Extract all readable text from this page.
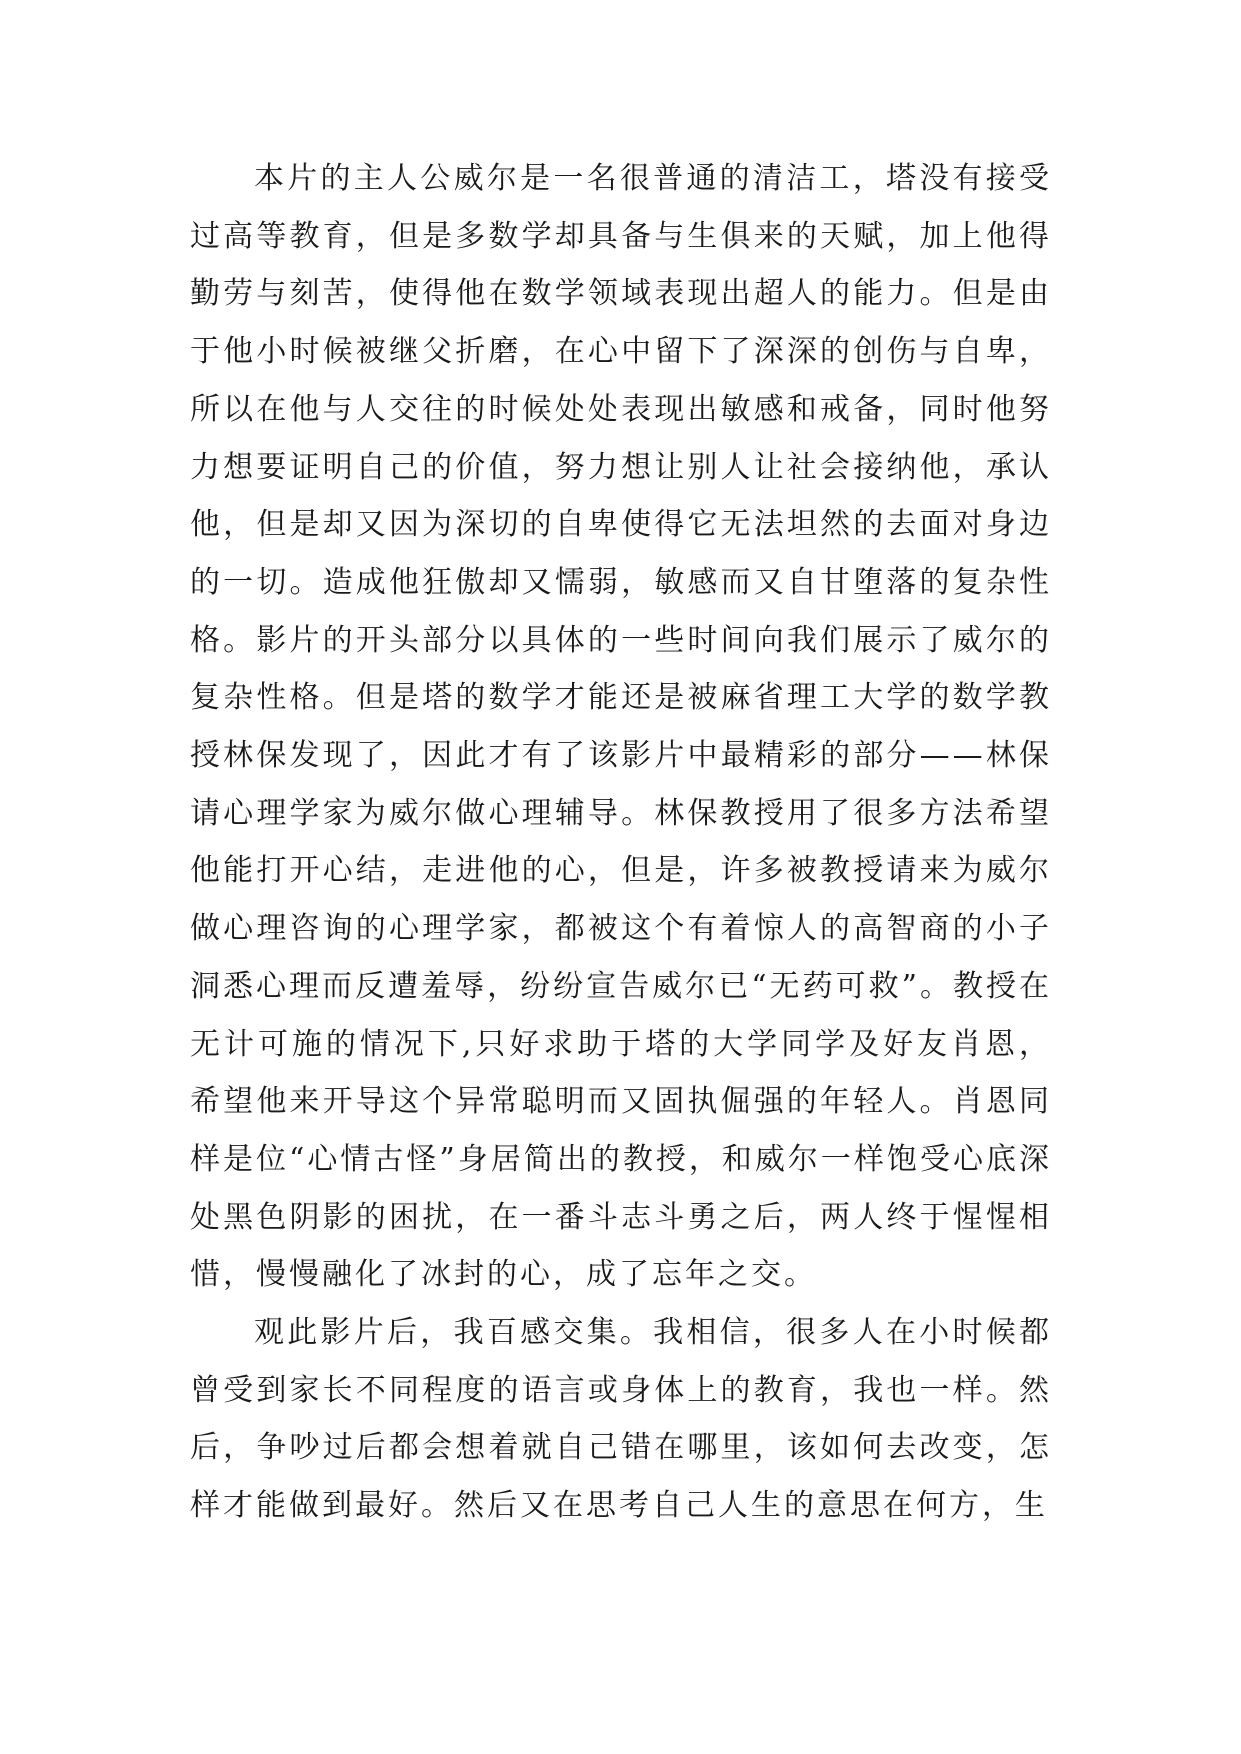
本片的主人公威尔是一名很普通的清洁工，塔没有接受过高等教育，但是多数学却具备与生俱来的天赋，加上他得勤劳与刻苦，使得他在数学领域表现出超人的能力。但是由于他小时候被继父折磨，在心中留下了深深的创伤与自卑，所以在他与人交往的时候处处表现出敏感和戒备，同时他努力想要证明自己的价值，努力想让别人让社会接纳他，承认他，但是却又因为深切的自卑使得它无法坦然的去面对身边的一切。造成他狂傲却又懦弱，敏感而又自甘堕落的复杂性格。影片的开头部分以具体的一些时间向我们展示了威尔的复杂性格。但是塔的数学才能还是被麻省理工大学的数学教授林保发现了，因此才有了该影片中最精彩的部分——林保请心理学家为威尔做心理辅导。林保教授用了很多方法希望他能打开心结，走进他的心，但是，许多被教授请来为威尔做心理咨询的心理学家，都被这个有着惊人的高智商的小子洞悉心理而反遭羞辱，纷纷宣告威尔已“无药可救”。教授在无计可施的情况下,只好求助于塔的大学同学及好友肖恩，希望他来开导这个异常聪明而又固执倔强的年轻人。肖恩同样是位“心情古怪”身居简出的教授，和威尔一样饱受心底深处黑色阴影的困扰，在一番斗志斗勇之后，两人终于惺惺相惜，慢慢融化了冰封的心，成了忘年之交。

观此影片后，我百感交集。我相信，很多人在小时候都曾受到家长不同程度的语言或身体上的教育，我也一样。然后，争吵过后都会想着就自己错在哪里，该如何去改变，怎样才能做到最好。然后又在思考自己人生的意思在何方，生
